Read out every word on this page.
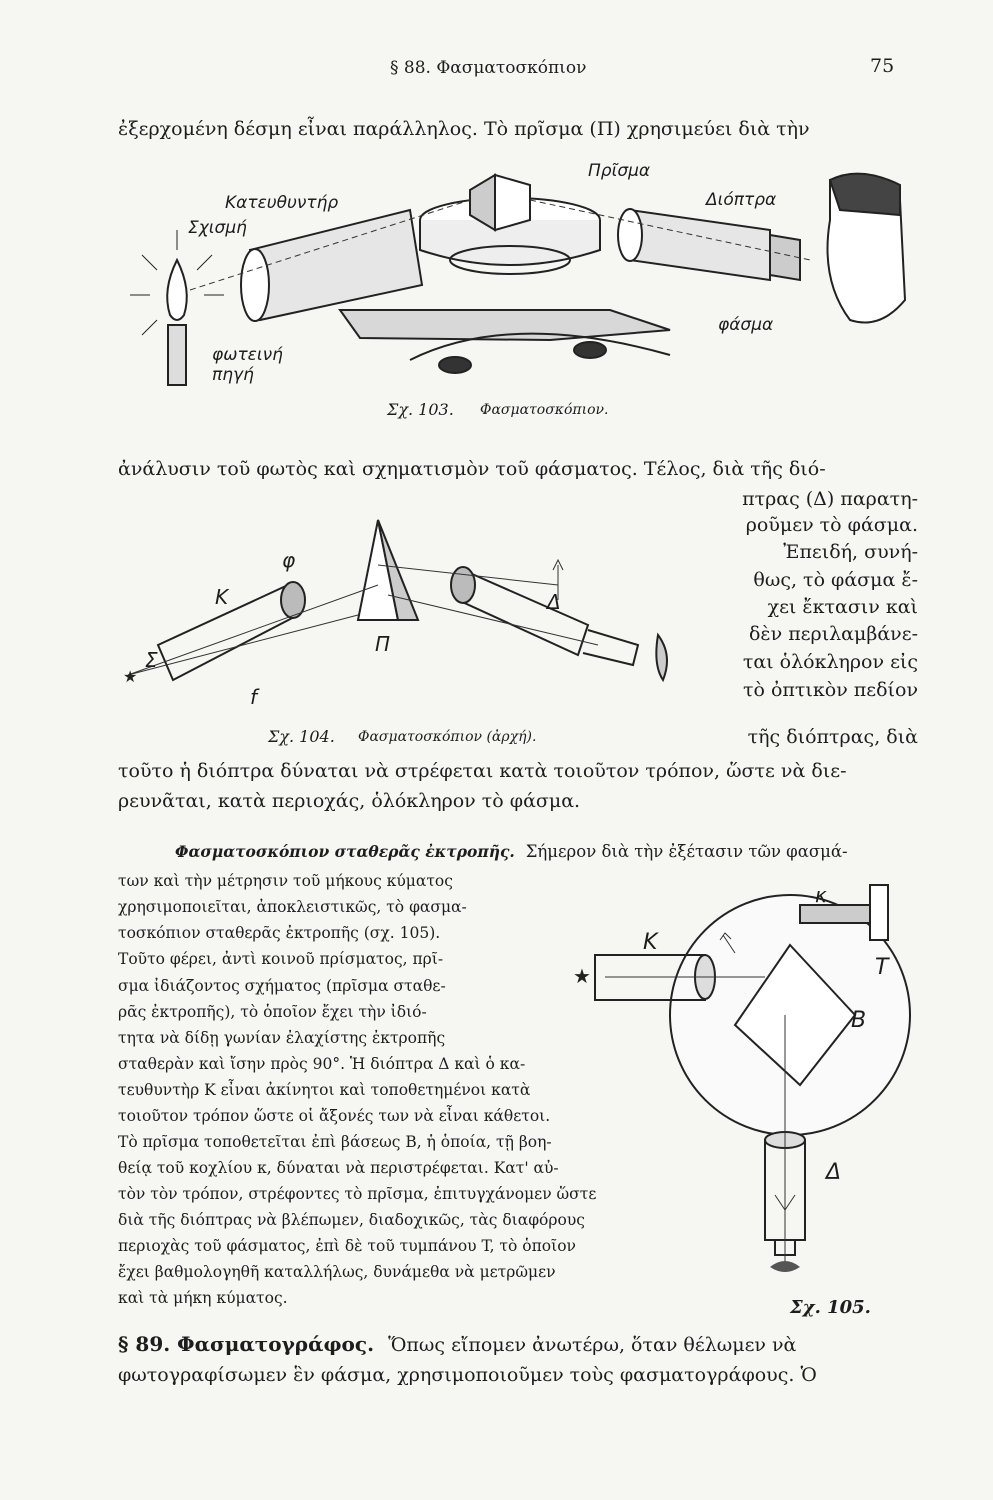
§ 88. Φασματοσκόπιον	75
ἐξερχομένη δέσμη εἶναι παράλληλος. Τὸ πρῖσμα (Π) χρησιμεύει διὰ τὴν
Κατευθυντήρ
Σχισμή
Πρῖσμα
Διόπτρα
φωτεινή πηγή
φάσμα
Σχ. 103. Φασματοσκόπιον.
ἀνάλυσιν τοῦ φωτὸς καὶ σχηματισμὸν τοῦ φάσματος. Τέλος, διὰ τῆς διό-
πτρας (Δ) παρατη-
ροῦμεν τὸ φάσμα.
Ἐπειδή, συνή-
θως, τὸ φάσμα ἔ-
χει ἔκτασιν καὶ
δὲν περιλαμβάνε-
ται ὁλόκληρον εἰς
τὸ ὀπτικὸν πεδίον
τῆς διόπτρας, διὰ
★
K
φ
Σ
f
Π
Δ
Σχ. 104. Φασματοσκόπιον (ἀρχή).
τοῦτο ἡ διόπτρα δύναται νὰ στρέφεται κατὰ τοιοῦτον τρόπον, ὥστε νὰ διε-
ρευνᾶται, κατὰ περιοχάς, ὁλόκληρον τὸ φάσμα.
Φασματοσκόπιον σταθερᾶς ἐκτροπῆς. Σήμερον διὰ τὴν ἐξέτασιν τῶν φασμά-
των καὶ τὴν μέτρησιν τοῦ μήκους κύματος
χρησιμοποιεῖται, ἀποκλειστικῶς, τὸ φασμα-
τοσκόπιον σταθερᾶς ἐκτροπῆς (σχ. 105).
Τοῦτο φέρει, ἀντὶ κοινοῦ πρίσματος, πρῖ-
σμα ἰδιάζοντος σχήματος (πρῖσμα σταθε-
ρᾶς ἐκτροπῆς), τὸ ὁποῖον ἔχει τὴν ἰδιό-
τητα νὰ δίδῃ γωνίαν ἐλαχίστης ἐκτροπῆς
σταθερὰν καὶ ἴσην πρὸς 90°. Ἡ διόπτρα Δ καὶ ὁ κα-
τευθυντὴρ K εἶναι ἀκίνητοι καὶ τοποθετημένοι κατὰ
τοιοῦτον τρόπον ὥστε οἱ ἄξονές των νὰ εἶναι κάθετοι.
Τὸ πρῖσμα τοποθετεῖται ἐπὶ βάσεως B, ἡ ὁποία, τῇ βοη-
θείᾳ τοῦ κοχλίου κ, δύναται νὰ περιστρέφεται. Κατ' αὐ-
τὸν τὸν τρόπον, στρέφοντες τὸ πρῖσμα, ἐπιτυγχάνομεν ὥστε
διὰ τῆς διόπτρας νὰ βλέπωμεν, διαδοχικῶς, τὰς διαφόρους
περιοχὰς τοῦ φάσματος, ἐπὶ δὲ τοῦ τυμπάνου T, τὸ ὁποῖον
ἔχει βαθμολογηθῆ καταλλήλως, δυνάμεθα νὰ μετρῶμεν
καὶ τὰ μήκη κύματος.
★
κ
K
T
B
Δ
Σχ. 105.
§ 89. Φασματογράφος. Ὅπως εἴπομεν ἀνωτέρω, ὅταν θέλωμεν νὰ
φωτογραφίσωμεν ἓν φάσμα, χρησιμοποιοῦμεν τοὺς φασματογράφους. Ὁ
